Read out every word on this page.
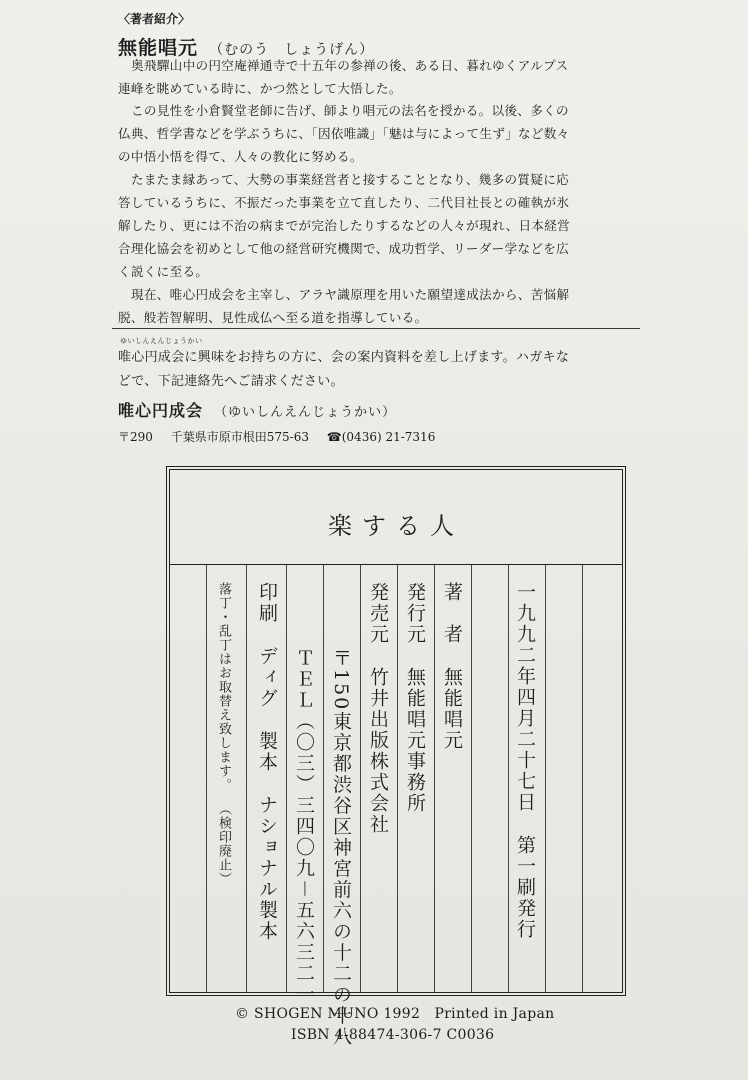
〈著者紹介〉
無能唱元 （むのう　しょうげん）
奥飛驒山中の円空庵禅通寺で十五年の参禅の後、ある日、暮れゆくアルプス
連峰を眺めている時に、かつ然として大悟した。
この見性を小倉賢堂老師に告げ、師より唱元の法名を授かる。以後、多くの
仏典、哲学書などを学ぶうちに、「因依唯識」「魅は与によって生ず」など数々
の中悟小悟を得て、人々の教化に努める。
たまたま縁あって、大勢の事業経営者と接することとなり、幾多の質疑に応
答しているうちに、不振だった事業を立て直したり、二代目社長との確執が氷
解したり、更には不治の病までが完治したりするなどの人々が現れ、日本経営
合理化協会を初めとして他の経営研究機関で、成功哲学、リーダー学などを広
く説くに至る。
現在、唯心円成会を主宰し、アラヤ識原理を用いた願望達成法から、苦悩解
脱、般若智解明、見性成仏へ至る道を指導している。
ゆいしんえんじょうかい
唯心円成会に興味をお持ちの方に、会の案内資料を差し上げます。ハガキな
どで、下記連絡先へご請求ください。
唯心円成会 （ゆいしんえんじょうかい）
〒290 千葉県市原市根田575-63 ☎(0436) 21-7316
楽する人
一九九二年四月二十七日第一刷発行
著　者無能唱元
発行元無能唱元事務所
発売元竹井出版株式会社
〒150東京都渋谷区神宮前六の十二の十八
ＴＥＬ（〇三）三四〇九－五六三二一
印刷ディグ製本ナショナル製本
落丁・乱丁はお取替え致します。（検印廃止）
© SHOGEN MUNO 1992　Printed in Japan
ISBN 4-88474-306-7 C0036
